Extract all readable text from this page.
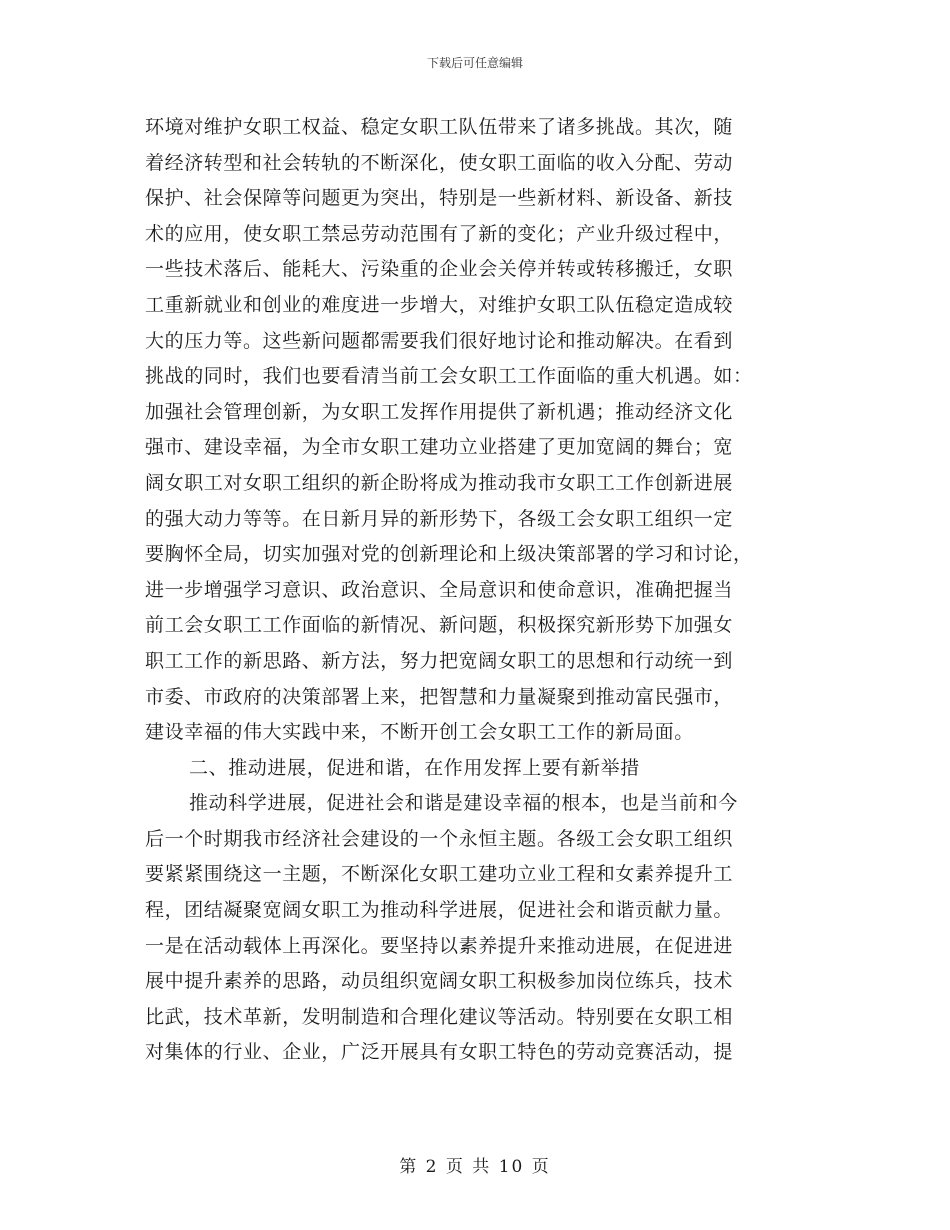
下载后可任意编辑
环境对维护女职工权益、稳定女职工队伍带来了诸多挑战。其次，随
着经济转型和社会转轨的不断深化，使女职工面临的收入分配、劳动
保护、社会保障等问题更为突出，特别是一些新材料、新设备、新技
术的应用，使女职工禁忌劳动范围有了新的变化；产业升级过程中，
一些技术落后、能耗大、污染重的企业会关停并转或转移搬迁，女职
工重新就业和创业的难度进一步增大，对维护女职工队伍稳定造成较
大的压力等。这些新问题都需要我们很好地讨论和推动解决。在看到
挑战的同时，我们也要看清当前工会女职工工作面临的重大机遇。如：
加强社会管理创新，为女职工发挥作用提供了新机遇；推动经济文化
强市、建设幸福，为全市女职工建功立业搭建了更加宽阔的舞台；宽
阔女职工对女职工组织的新企盼将成为推动我市女职工工作创新进展
的强大动力等等。在日新月异的新形势下，各级工会女职工组织一定
要胸怀全局，切实加强对党的创新理论和上级决策部署的学习和讨论，
进一步增强学习意识、政治意识、全局意识和使命意识，准确把握当
前工会女职工工作面临的新情况、新问题，积极探究新形势下加强女
职工工作的新思路、新方法，努力把宽阔女职工的思想和行动统一到
市委、市政府的决策部署上来，把智慧和力量凝聚到推动富民强市，
建设幸福的伟大实践中来，不断开创工会女职工工作的新局面。
二、推动进展，促进和谐，在作用发挥上要有新举措
推动科学进展，促进社会和谐是建设幸福的根本，也是当前和今
后一个时期我市经济社会建设的一个永恒主题。各级工会女职工组织
要紧紧围绕这一主题，不断深化女职工建功立业工程和女素养提升工
程，团结凝聚宽阔女职工为推动科学进展，促进社会和谐贡献力量。
一是在活动载体上再深化。要坚持以素养提升来推动进展，在促进进
展中提升素养的思路，动员组织宽阔女职工积极参加岗位练兵，技术
比武，技术革新，发明制造和合理化建议等活动。特别要在女职工相
对集体的行业、企业，广泛开展具有女职工特色的劳动竞赛活动，提
第 2 页 共 10 页
